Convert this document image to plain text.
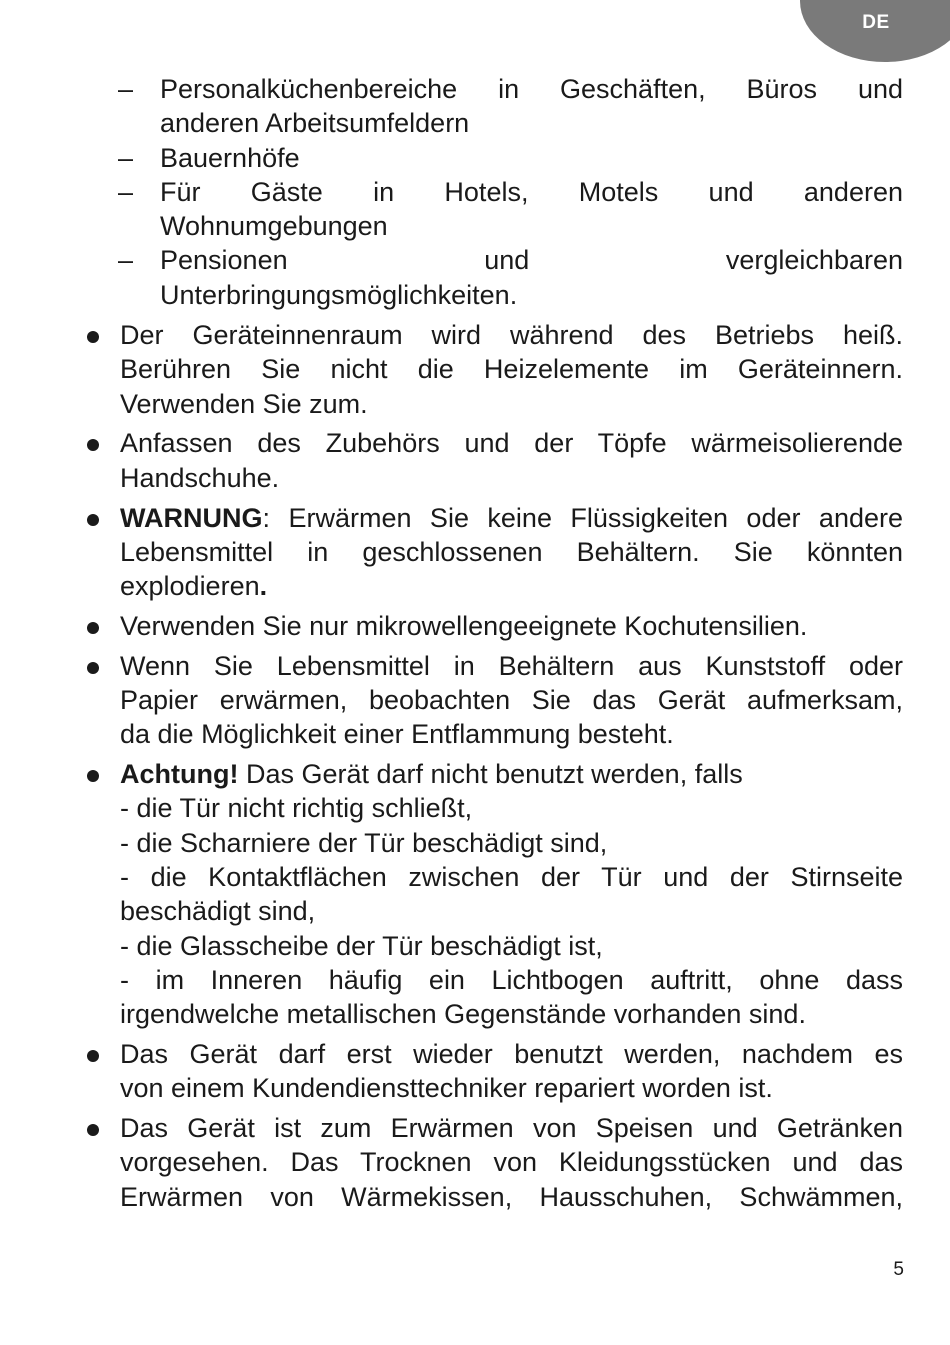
DE
– Personalküchenbereiche in Geschäften, Büros und
anderen Arbeitsumfeldern
– Bauernhöfe
– Für Gäste in Hotels, Motels und anderen
Wohnumgebungen
– Pensionen und vergleichbaren
Unterbringungsmöglichkeiten.
Der Geräteinnenraum wird während des Betriebs heiß.
Berühren Sie nicht die Heizelemente im Geräteinnern.
Verwenden Sie zum.
Anfassen des Zubehörs und der Töpfe wärmeisolierende
Handschuhe.
WARNUNG: Erwärmen Sie keine Flüssigkeiten oder andere
Lebensmittel in geschlossenen Behältern. Sie könnten
explodieren.
Verwenden Sie nur mikrowellengeeignete Kochutensilien.
Wenn Sie Lebensmittel in Behältern aus Kunststoff oder
Papier erwärmen, beobachten Sie das Gerät aufmerksam,
da die Möglichkeit einer Entflammung besteht.
Achtung! Das Gerät darf nicht benutzt werden, falls
- die Tür nicht richtig schließt,
- die Scharniere der Tür beschädigt sind,
- die Kontaktflächen zwischen der Tür und der Stirnseite
beschädigt sind,
- die Glasscheibe der Tür beschädigt ist,
- im Inneren häufig ein Lichtbogen auftritt, ohne dass
irgendwelche metallischen Gegenstände vorhanden sind.
Das Gerät darf erst wieder benutzt werden, nachdem es
von einem Kundendiensttechniker repariert worden ist.
Das Gerät ist zum Erwärmen von Speisen und Getränken
vorgesehen. Das Trocknen von Kleidungsstücken und das
Erwärmen von Wärmekissen, Hausschuhen, Schwämmen,
5
